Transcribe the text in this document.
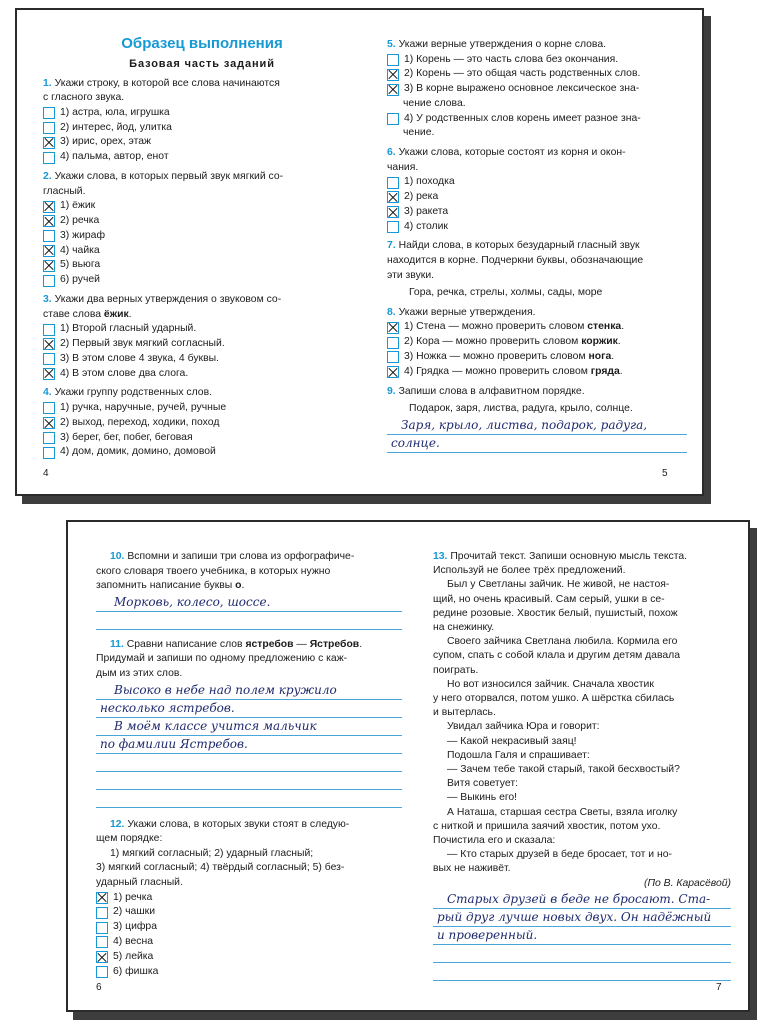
Образец выполнения
Базовая часть заданий
1. Укажи строку, в которой все слова начинаются
с гласного звука.
1) астра, юла, игрушка
2) интерес, йод, улитка
3) ирис, орех, этаж
4) пальма, автор, енот
2. Укажи слова, в которых первый звук мягкий со-
гласный.
1) ёжик
2) речка
3) жираф
4) чайка
5) вьюга
6) ручей
3. Укажи два верных утверждения о звуковом со-
ставе слова ёжик.
1) Второй гласный ударный.
2) Первый звук мягкий согласный.
3) В этом слове 4 звука, 4 буквы.
4) В этом слове два слога.
4. Укажи группу родственных слов.
1) ручка, наручные, ручей, ручные
2) выход, переход, ходики, поход
3) берег, бег, побег, беговая
4) дом, домик, домино, домовой
4
5. Укажи верные утверждения о корне слова.
1) Корень — это часть слова без окончания.
2) Корень — это общая часть родственных слов.
3) В корне выражено основное лексическое зна-
чение слова.
4) У родственных слов корень имеет разное зна-
чение.
6. Укажи слова, которые состоят из корня и окон-
чания.
1) походка
2) река
3) ракета
4) столик
7. Найди слова, в которых безударный гласный звук
находится в корне. Подчеркни буквы, обозначающие
эти звуки.
Гора, речка, стрелы, холмы, сады, море
8. Укажи верные утверждения.
1) Стена — можно проверить словом стенка.
2) Кора — можно проверить словом коржик.
3) Ножка — можно проверить словом нога.
4) Грядка — можно проверить словом гряда.
9. Запиши слова в алфавитном порядке.
Подарок, заря, листва, радуга, крыло, солнце.
Заря, крыло, листва, подарок, радуга,
солнце.
5
10. Вспомни и запиши три слова из орфографиче-
ского словаря твоего учебника, в которых нужно
запомнить написание буквы о.
Морковь, колесо, шоссе.
11. Сравни написание слов ястребов — Ястребов.
Придумай и запиши по одному предложению с каж-
дым из этих слов.
Высоко в небе над полем кружило
несколько ястребов.
В моём классе учится мальчик
по фамилии Ястребов.
12. Укажи слова, в которых звуки стоят в следую-
щем порядке:
1) мягкий согласный; 2) ударный гласный;
3) мягкий согласный; 4) твёрдый согласный; 5) без-
ударный гласный.
1) речка
2) чашки
3) цифра
4) весна
5) лейка
6) фишка
6
13. Прочитай текст. Запиши основную мысль текста.
Используй не более трёх предложений.
Был у Светланы зайчик. Не живой, не настоя-
щий, но очень красивый. Сам серый, ушки в се-
редине розовые. Хвостик белый, пушистый, похож
на снежинку.
Своего зайчика Светлана любила. Кормила его
супом, спать с собой клала и другим детям давала
поиграть.
Но вот износился зайчик. Сначала хвостик
у него оторвался, потом ушко. А шёрстка сбилась
и вытерлась.
Увидал зайчика Юра и говорит:
— Какой некрасивый заяц!
Подошла Галя и спрашивает:
— Зачем тебе такой старый, такой бесхвостый?
Витя советует:
— Выкинь его!
А Наташа, старшая сестра Светы, взяла иголку
с ниткой и пришила заячий хвостик, потом ухо.
Почистила его и сказала:
— Кто старых друзей в беде бросает, тот и но-
вых не наживёт.
(По В. Карасёвой)
Старых друзей в беде не бросают. Ста-
рый друг лучше новых двух. Он надёжный
и проверенный.
7
